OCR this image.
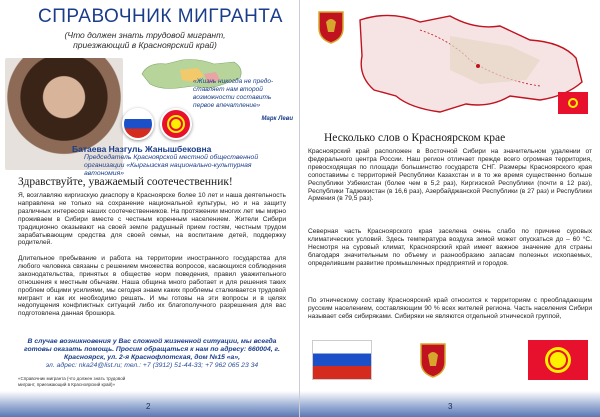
СПРАВОЧНИК МИГРАНТА
(Что должен знать трудовой мигрант, приезжающий в Красноярский край)
«Жизнь никогда не предо-ставляет нам второй возможности составить первое впечатление»
Марк Леви
Батаева Назгуль Жанышбековна
Председатель Красноярской местной общественной организации «Кыргызская национально-культурная автономия»
Здравствуйте, уважаемый соотечественник!
Я, возглавляю киргизскую диаспору в Красноярске более 10 лет и наша деятельность направлена не только на сохранение национальной культуры, но и на защиту различных интересов наших соотечественников. На протяжении многих лет мы мирно проживаем в Сибири вместе с честным коренным населением. Жители Сибири традиционно оказывают на своей земле радушный прием гостям, честным трудом зарабатывающим средства для своей семьи, на воспитание детей, поддержку родителей.
Длительное пребывание и работа на территории иностранного государства для любого человека связаны с решением множества вопросов, касающихся соблюдения законодательства, принятых в обществе норм поведения, правил уважительного отношения к местным обычаям. Наша община много работает и для решения таких проблем общими усилиями, мы сегодня знаем каких проблемы сталкивается трудовой мигрант и как их необходимо решать. И мы готовы на эти вопросы и в целях недопущения конфликтных ситуаций либо их благополучного разрешения для вас подготовлена данная брошюра.
В случае возникновения у Вас сложной жизненной ситуации, мы всегда готовы оказать помощь. Просим обращаться к нам по адресу: 660004, г. Красноярск, ул. 2-я Краснофлотская, дом №15 «а»,
эл. адрес: nka24@list.ru; тел.: +7 (3912) 51-44-33; +7 962 065 23 34
«Справочник мигранта (что должен знать трудовой мигрант, приезжающий в Красноярский край)»
2
Несколько слов о Красноярском крае
Красноярский край расположен в Восточной Сибири на значительном удалении от федерального центра России. Наш регион отличает прежде всего огромная территория, превосходящая по площади большинство государств СНГ. Размеры Красноярского края сопоставимы с территорией Республики Казахстан и в то же время существенно больше Республики Узбекистан (более чем в 5,2 раз), Киргизской Республики (почти в 12 раз), Республики Таджикистан (в 16,6 раз), Азербайджанской Республики (в 27 раз) и Республики Армения (в 79,5 раз).
Северная часть Красноярского края заселена очень слабо по причине суровых климатических условий. Здесь температура воздуха зимой может опускаться до – 60 °С. Несмотря на суровый климат, Красноярский край имеет важное значение для страны благодаря значительным по объему и разнообразию запасам полезных ископаемых, определившим развитие промышленных предприятий и городов.
По этническому составу Красноярский край относится к территориям с преобладающим русским населением, составляющим 90 % всех жителей региона. Часть населения Сибири называет себя сибиряками. Сибиряки не являются отдельной этнической группой,
3
